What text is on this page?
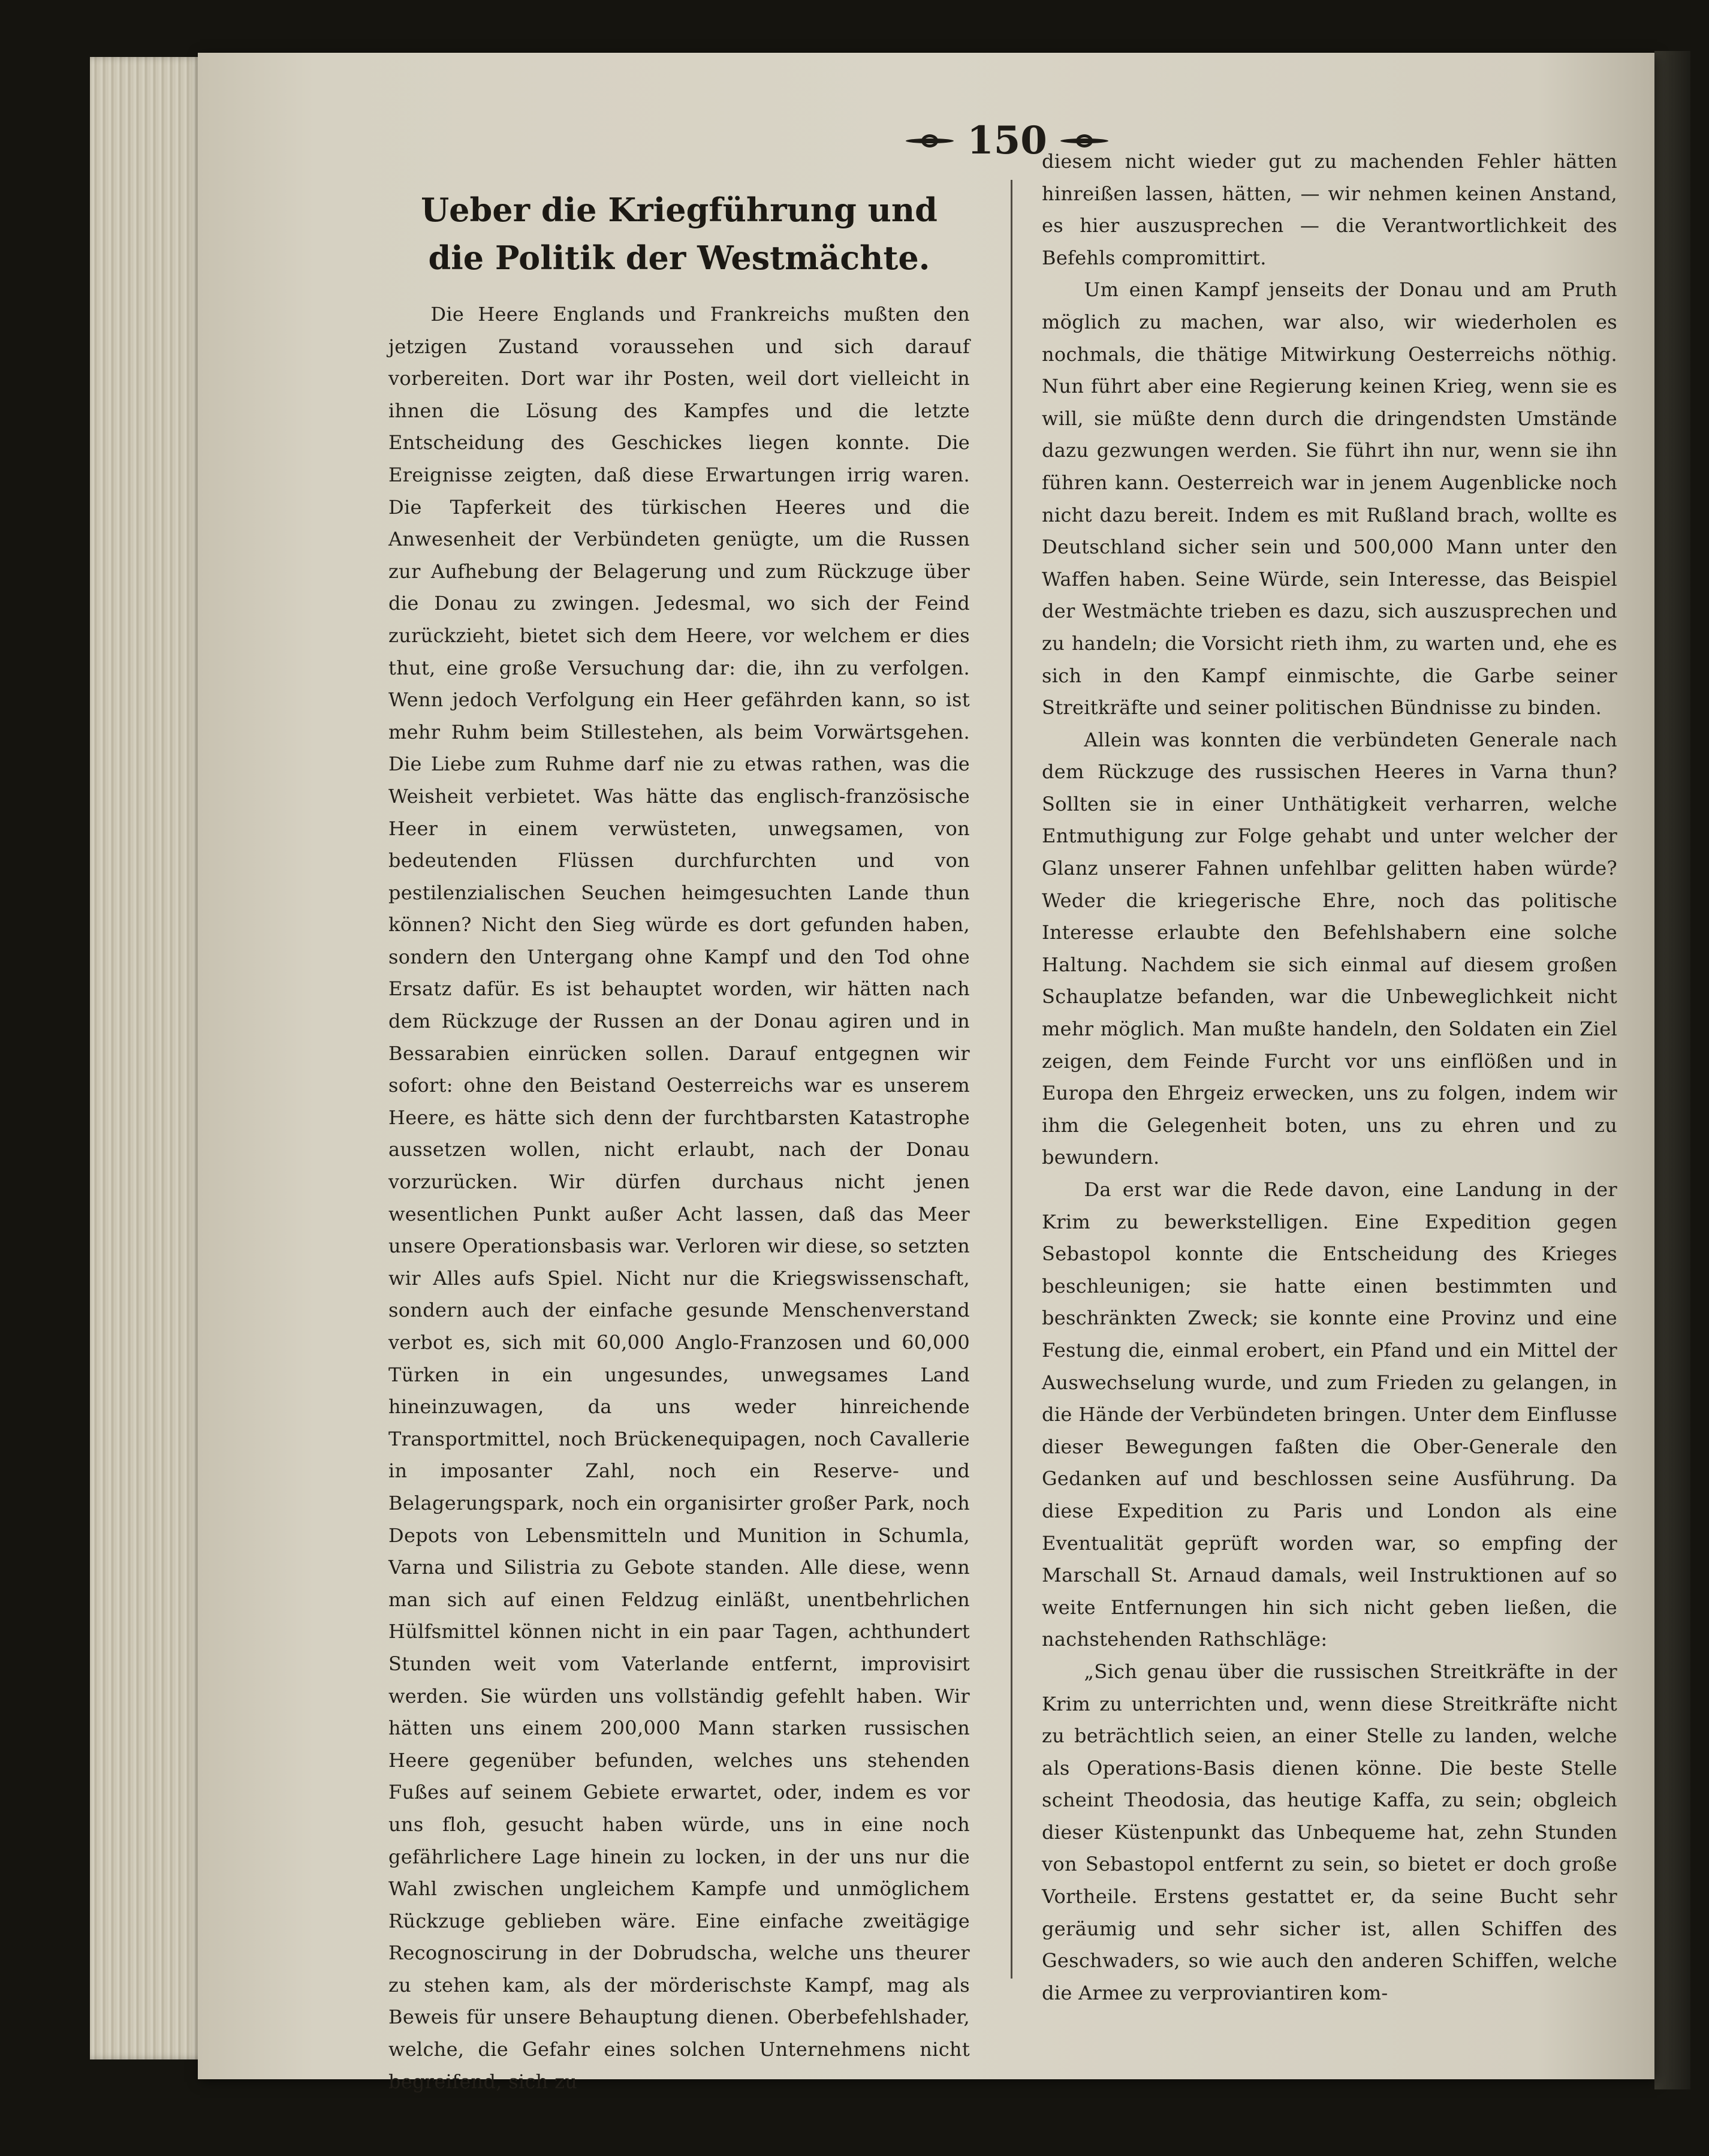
150
Ueber die Kriegführung und die Politik der Westmächte.

Die Heere Englands und Frankreichs mußten den jetzigen Zustand voraussehen und sich darauf vorbereiten. Dort war ihr Posten, weil dort vielleicht in ihnen die Lösung des Kampfes und die letzte Entscheidung des Geschickes liegen konnte. Die Ereignisse zeigten, daß diese Erwartungen irrig waren. Die Tapferkeit des türkischen Heeres und die Anwesenheit der Verbündeten genügte, um die Russen zur Aufhebung der Belagerung und zum Rückzuge über die Donau zu zwingen. Jedesmal, wo sich der Feind zurückzieht, bietet sich dem Heere, vor welchem er dies thut, eine große Versuchung dar: die, ihn zu verfolgen. Wenn jedoch Verfolgung ein Heer gefährden kann, so ist mehr Ruhm beim Stillestehen, als beim Vorwärtsgehen. Die Liebe zum Ruhme darf nie zu etwas rathen, was die Weisheit verbietet. Was hätte das englisch-französische Heer in einem verwüsteten, unwegsamen, von bedeutenden Flüssen durchfurchten und von pestilenzialischen Seuchen heimgesuchten Lande thun können? Nicht den Sieg würde es dort gefunden haben, sondern den Untergang ohne Kampf und den Tod ohne Ersatz dafür. Es ist behauptet worden, wir hätten nach dem Rückzuge der Russen an der Donau agiren und in Bessarabien einrücken sollen. Darauf entgegnen wir sofort: ohne den Beistand Oesterreichs war es unserem Heere, es hätte sich denn der furchtbarsten Katastrophe aussetzen wollen, nicht erlaubt, nach der Donau vorzurücken. Wir dürfen durchaus nicht jenen wesentlichen Punkt außer Acht lassen, daß das Meer unsere Operationsbasis war. Verloren wir diese, so setzten wir Alles aufs Spiel. Nicht nur die Kriegswissenschaft, sondern auch der einfache gesunde Menschenverstand verbot es, sich mit 60,000 Anglo-Franzosen und 60,000 Türken in ein ungesundes, unwegsames Land hineinzuwagen, da uns weder hinreichende Transportmittel, noch Brückenequipagen, noch Cavallerie in imposanter Zahl, noch ein Reserve- und Belagerungspark, noch ein organisirter großer Park, noch Depots von Lebensmitteln und Munition in Schumla, Varna und Silistria zu Gebote standen. Alle diese, wenn man sich auf einen Feldzug einläßt, unentbehrlichen Hülfsmittel können nicht in ein paar Tagen, achthundert Stunden weit vom Vaterlande entfernt, improvisirt werden. Sie würden uns vollständig gefehlt haben. Wir hätten uns einem 200,000 Mann starken russischen Heere gegenüber befunden, welches uns stehenden Fußes auf seinem Gebiete erwartet, oder, indem es vor uns floh, gesucht haben würde, uns in eine noch gefährlichere Lage hinein zu locken, in der uns nur die Wahl zwischen ungleichem Kampfe und unmöglichem Rückzuge geblieben wäre. Eine einfache zweitägige Recognoscirung in der Dobrudscha, welche uns theurer zu stehen kam, als der mörderischste Kampf, mag als Beweis für unsere Behauptung dienen. Oberbefehlshader, welche, die Gefahr eines solchen Unternehmens nicht begreifend, sich zu

diesem nicht wieder gut zu machenden Fehler hätten hinreißen lassen, hätten, — wir nehmen keinen Anstand, es hier auszusprechen — die Verantwortlichkeit des Befehls compromittirt.

Um einen Kampf jenseits der Donau und am Pruth möglich zu machen, war also, wir wiederholen es nochmals, die thätige Mitwirkung Oesterreichs nöthig. Nun führt aber eine Regierung keinen Krieg, wenn sie es will, sie müßte denn durch die dringendsten Umstände dazu gezwungen werden. Sie führt ihn nur, wenn sie ihn führen kann. Oesterreich war in jenem Augenblicke noch nicht dazu bereit. Indem es mit Rußland brach, wollte es Deutschland sicher sein und 500,000 Mann unter den Waffen haben. Seine Würde, sein Interesse, das Beispiel der Westmächte trieben es dazu, sich auszusprechen und zu handeln; die Vorsicht rieth ihm, zu warten und, ehe es sich in den Kampf einmischte, die Garbe seiner Streitkräfte und seiner politischen Bündnisse zu binden.

Allein was konnten die verbündeten Generale nach dem Rückzuge des russischen Heeres in Varna thun? Sollten sie in einer Unthätigkeit verharren, welche Entmuthigung zur Folge gehabt und unter welcher der Glanz unserer Fahnen unfehlbar gelitten haben würde? Weder die kriegerische Ehre, noch das politische Interesse erlaubte den Befehlshabern eine solche Haltung. Nachdem sie sich einmal auf diesem großen Schauplatze befanden, war die Unbeweglichkeit nicht mehr möglich. Man mußte handeln, den Soldaten ein Ziel zeigen, dem Feinde Furcht vor uns einflößen und in Europa den Ehrgeiz erwecken, uns zu folgen, indem wir ihm die Gelegenheit boten, uns zu ehren und zu bewundern.

Da erst war die Rede davon, eine Landung in der Krim zu bewerkstelligen. Eine Expedition gegen Sebastopol konnte die Entscheidung des Krieges beschleunigen; sie hatte einen bestimmten und beschränkten Zweck; sie konnte eine Provinz und eine Festung die, einmal erobert, ein Pfand und ein Mittel der Auswechselung wurde, und zum Frieden zu gelangen, in die Hände der Verbündeten bringen. Unter dem Einflusse dieser Bewegungen faßten die Ober-Generale den Gedanken auf und beschlossen seine Ausführung. Da diese Expedition zu Paris und London als eine Eventualität geprüft worden war, so empfing der Marschall St. Arnaud damals, weil Instruktionen auf so weite Entfernungen hin sich nicht geben ließen, die nachstehenden Rathschläge:

„Sich genau über die russischen Streitkräfte in der Krim zu unterrichten und, wenn diese Streitkräfte nicht zu beträchtlich seien, an einer Stelle zu landen, welche als Operations-Basis dienen könne. Die beste Stelle scheint Theodosia, das heutige Kaffa, zu sein; obgleich dieser Küstenpunkt das Unbequeme hat, zehn Stunden von Sebastopol entfernt zu sein, so bietet er doch große Vortheile. Erstens gestattet er, da seine Bucht sehr geräumig und sehr sicher ist, allen Schiffen des Geschwaders, so wie auch den anderen Schiffen, welche die Armee zu verproviantiren kom-
